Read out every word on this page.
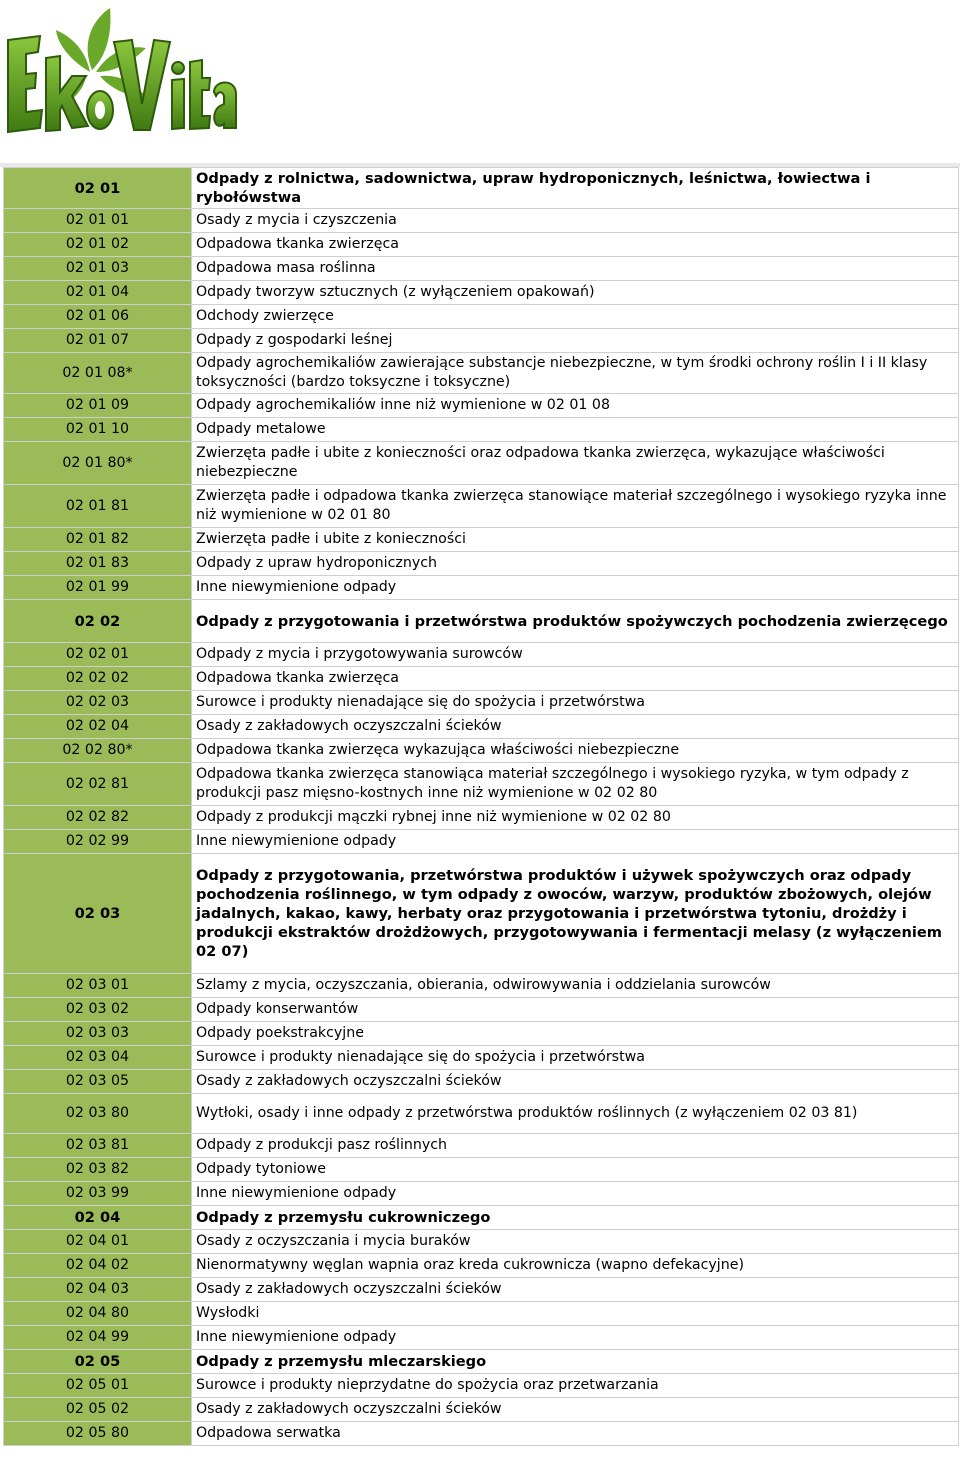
02 01	Odpady z rolnictwa, sadownictwa, upraw hydroponicznych, leśnictwa, łowiectwa i rybołówstwa
02 01 01	Osady z mycia i czyszczenia
02 01 02	Odpadowa tkanka zwierzęca
02 01 03	Odpadowa masa roślinna
02 01 04	Odpady tworzyw sztucznych (z wyłączeniem opakowań)
02 01 06	Odchody zwierzęce
02 01 07	Odpady z gospodarki leśnej
02 01 08*	Odpady agrochemikaliów zawierające substancje niebezpieczne, w tym środki ochrony roślin I i II klasy toksyczności (bardzo toksyczne i toksyczne)
02 01 09	Odpady agrochemikaliów inne niż wymienione w 02 01 08
02 01 10	Odpady metalowe
02 01 80*	Zwierzęta padłe i ubite z konieczności oraz odpadowa tkanka zwierzęca, wykazujące właściwości niebezpieczne
02 01 81	Zwierzęta padłe i odpadowa tkanka zwierzęca stanowiące materiał szczególnego i wysokiego ryzyka inne niż wymienione w 02 01 80
02 01 82	Zwierzęta padłe i ubite z konieczności
02 01 83	Odpady z upraw hydroponicznych
02 01 99	Inne niewymienione odpady
02 02	Odpady z przygotowania i przetwórstwa produktów spożywczych pochodzenia zwierzęcego
02 02 01	Odpady z mycia i przygotowywania surowców
02 02 02	Odpadowa tkanka zwierzęca
02 02 03	Surowce i produkty nienadające się do spożycia i przetwórstwa
02 02 04	Osady z zakładowych oczyszczalni ścieków
02 02 80*	Odpadowa tkanka zwierzęca wykazująca właściwości niebezpieczne
02 02 81	Odpadowa tkanka zwierzęca stanowiąca materiał szczególnego i wysokiego ryzyka, w tym odpady z produkcji pasz mięsno-kostnych inne niż wymienione w 02 02 80
02 02 82	Odpady z produkcji mączki rybnej inne niż wymienione w 02 02 80
02 02 99	Inne niewymienione odpady
02 03	Odpady z przygotowania, przetwórstwa produktów i używek spożywczych oraz odpady pochodzenia roślinnego, w tym odpady z owoców, warzyw, produktów zbożowych, olejów jadalnych, kakao, kawy, herbaty oraz przygotowania i przetwórstwa tytoniu, drożdży i produkcji ekstraktów drożdżowych, przygotowywania i fermentacji melasy (z wyłączeniem 02 07)
02 03 01	Szlamy z mycia, oczyszczania, obierania, odwirowywania i oddzielania surowców
02 03 02	Odpady konserwantów
02 03 03	Odpady poekstrakcyjne
02 03 04	Surowce i produkty nienadające się do spożycia i przetwórstwa
02 03 05	Osady z zakładowych oczyszczalni ścieków
02 03 80	Wytłoki, osady i inne odpady z przetwórstwa produktów roślinnych (z wyłączeniem 02 03 81)
02 03 81	Odpady z produkcji pasz roślinnych
02 03 82	Odpady tytoniowe
02 03 99	Inne niewymienione odpady
02 04	Odpady z przemysłu cukrowniczego
02 04 01	Osady z oczyszczania i mycia buraków
02 04 02	Nienormatywny węglan wapnia oraz kreda cukrownicza (wapno defekacyjne)
02 04 03	Osady z zakładowych oczyszczalni ścieków
02 04 80	Wysłodki
02 04 99	Inne niewymienione odpady
02 05	Odpady z przemysłu mleczarskiego
02 05 01	Surowce i produkty nieprzydatne do spożycia oraz przetwarzania
02 05 02	Osady z zakładowych oczyszczalni ścieków
02 05 80	Odpadowa serwatka
